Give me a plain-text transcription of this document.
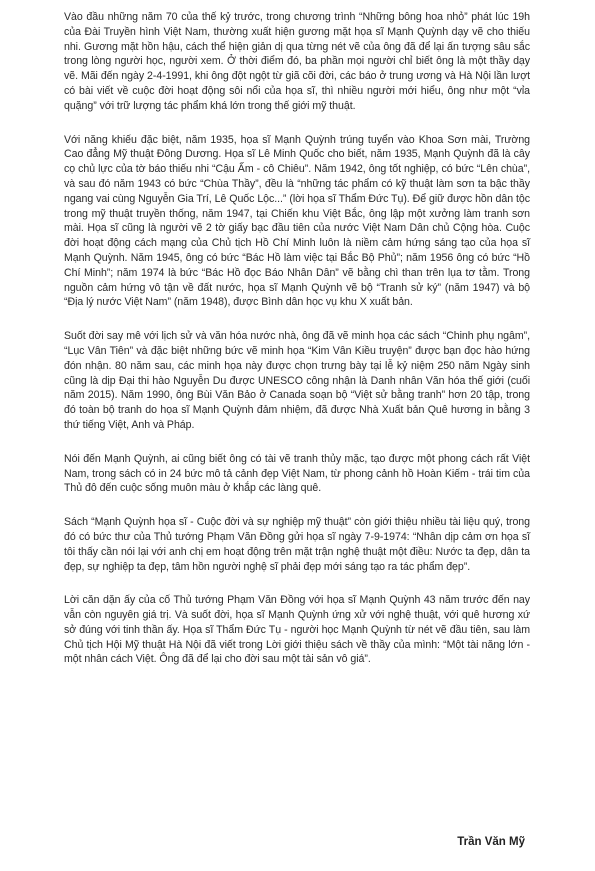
Vào đầu những năm 70 của thế kỷ trước, trong chương trình “Những bông hoa nhỏ” phát lúc 19h của Đài Truyền hình Việt Nam, thường xuất hiện gương mặt họa sĩ Mạnh Quỳnh dạy vẽ cho thiếu nhi. Gương mặt hồn hậu, cách thể hiện giản dị qua từng nét vẽ của ông đã để lại ấn tượng sâu sắc trong lòng người học, người xem. Ở thời điểm đó, ba phần mọi người chỉ biết ông là một thầy dạy vẽ. Mãi đến ngày 2-4-1991, khi ông đột ngột từ giã cõi đời, các báo ở trung ương và Hà Nội lần lượt có bài viết về cuộc đời hoạt động sôi nổi của họa sĩ, thì nhiều người mới hiểu, ông như một “vỉa quặng” với trữ lượng tác phẩm khá lớn trong thế giới mỹ thuật.

Với năng khiếu đặc biệt, năm 1935, họa sĩ Mạnh Quỳnh trúng tuyển vào Khoa Sơn mài, Trường Cao đẳng Mỹ thuật Đông Dương. Họa sĩ Lê Minh Quốc cho biết, năm 1935, Mạnh Quỳnh đã là cây cọ chủ lực của tờ báo thiếu nhi “Cậu Ấm - cô Chiêu”. Năm 1942, ông tốt nghiệp, có bức “Lên chùa”, và sau đó năm 1943 có bức “Chùa Thầy”, đều là “những tác phẩm có kỹ thuật làm sơn ta bậc thầy ngang vai cùng Nguyễn Gia Trí, Lê Quốc Lộc...” (lời họa sĩ Thẩm Đức Tụ). Để giữ được hồn dân tộc trong mỹ thuật truyền thống, năm 1947, tại Chiến khu Việt Bắc, ông lập một xưởng làm tranh sơn mài. Họa sĩ cũng là người vẽ 2 tờ giấy bạc đầu tiên của nước Việt Nam Dân chủ Cộng hòa. Cuộc đời hoạt động cách mạng của Chủ tịch Hồ Chí Minh luôn là niềm cảm hứng sáng tạo của họa sĩ Mạnh Quỳnh. Năm 1945, ông có bức “Bác Hồ làm việc tại Bắc Bộ Phủ”; năm 1956 ông có bức “Hồ Chí Minh”; năm 1974 là bức “Bác Hồ đọc Báo Nhân Dân” vẽ bằng chì than trên lụa tơ tằm. Trong nguồn cảm hứng vô tận về đất nước, họa sĩ Mạnh Quỳnh vẽ bộ “Tranh sử ký” (năm 1947) và bộ “Địa lý nước Việt Nam” (năm 1948), được Bình dân học vụ khu X xuất bản.

Suốt đời say mê với lịch sử và văn hóa nước nhà, ông đã vẽ minh họa các sách “Chinh phụ ngâm”, “Lục Vân Tiên” và đặc biệt những bức vẽ minh họa “Kim Vân Kiều truyện” được bạn đọc hào hứng đón nhận. 80 năm sau, các minh họa này được chọn trưng bày tại lễ kỷ niệm 250 năm Ngày sinh cũng là dịp Đại thi hào Nguyễn Du được UNESCO công nhận là Danh nhân Văn hóa thế giới (cuối năm 2015). Năm 1990, ông Bùi Văn Bảo ở Canada soạn bộ “Việt sử bằng tranh” hơn 20 tập, trong đó toàn bộ tranh do họa sĩ Mạnh Quỳnh đảm nhiệm, đã được Nhà Xuất bản Quê hương in bằng 3 thứ tiếng Việt, Anh và Pháp.

Nói đến Mạnh Quỳnh, ai cũng biết ông có tài vẽ tranh thủy mặc, tạo được một phong cách rất Việt Nam, trong sách có in 24 bức mô tả cảnh đẹp Việt Nam, từ phong cảnh hồ Hoàn Kiếm - trái tim của Thủ đô đến cuộc sống muôn màu ở khắp các làng quê.

Sách “Mạnh Quỳnh họa sĩ - Cuộc đời và sự nghiệp mỹ thuật” còn giới thiệu nhiều tài liệu quý, trong đó có bức thư của Thủ tướng Phạm Văn Đồng gửi họa sĩ ngày 7-9-1974: “Nhân dịp cảm ơn họa sĩ tôi thấy cần nói lại với anh chị em hoạt động trên mặt trận nghệ thuật một điều: Nước ta đẹp, dân ta đẹp, sự nghiệp ta đẹp, tâm hồn người nghệ sĩ phải đẹp mới sáng tạo ra tác phẩm đẹp”.

Lời căn dặn ấy của cố Thủ tướng Phạm Văn Đồng với họa sĩ Mạnh Quỳnh 43 năm trước đến nay vẫn còn nguyên giá trị. Và suốt đời, họa sĩ Mạnh Quỳnh ứng xử với nghệ thuật, với quê hương xứ sở đúng với tinh thần ấy. Họa sĩ Thẩm Đức Tụ - người học Mạnh Quỳnh từ nét vẽ đầu tiên, sau làm Chủ tịch Hội Mỹ thuật Hà Nội đã viết trong Lời giới thiệu sách về thầy của mình: “Một tài năng lớn - một nhân cách Việt. Ông đã để lại cho đời sau một tài sản vô giá”.

Trần Văn Mỹ
